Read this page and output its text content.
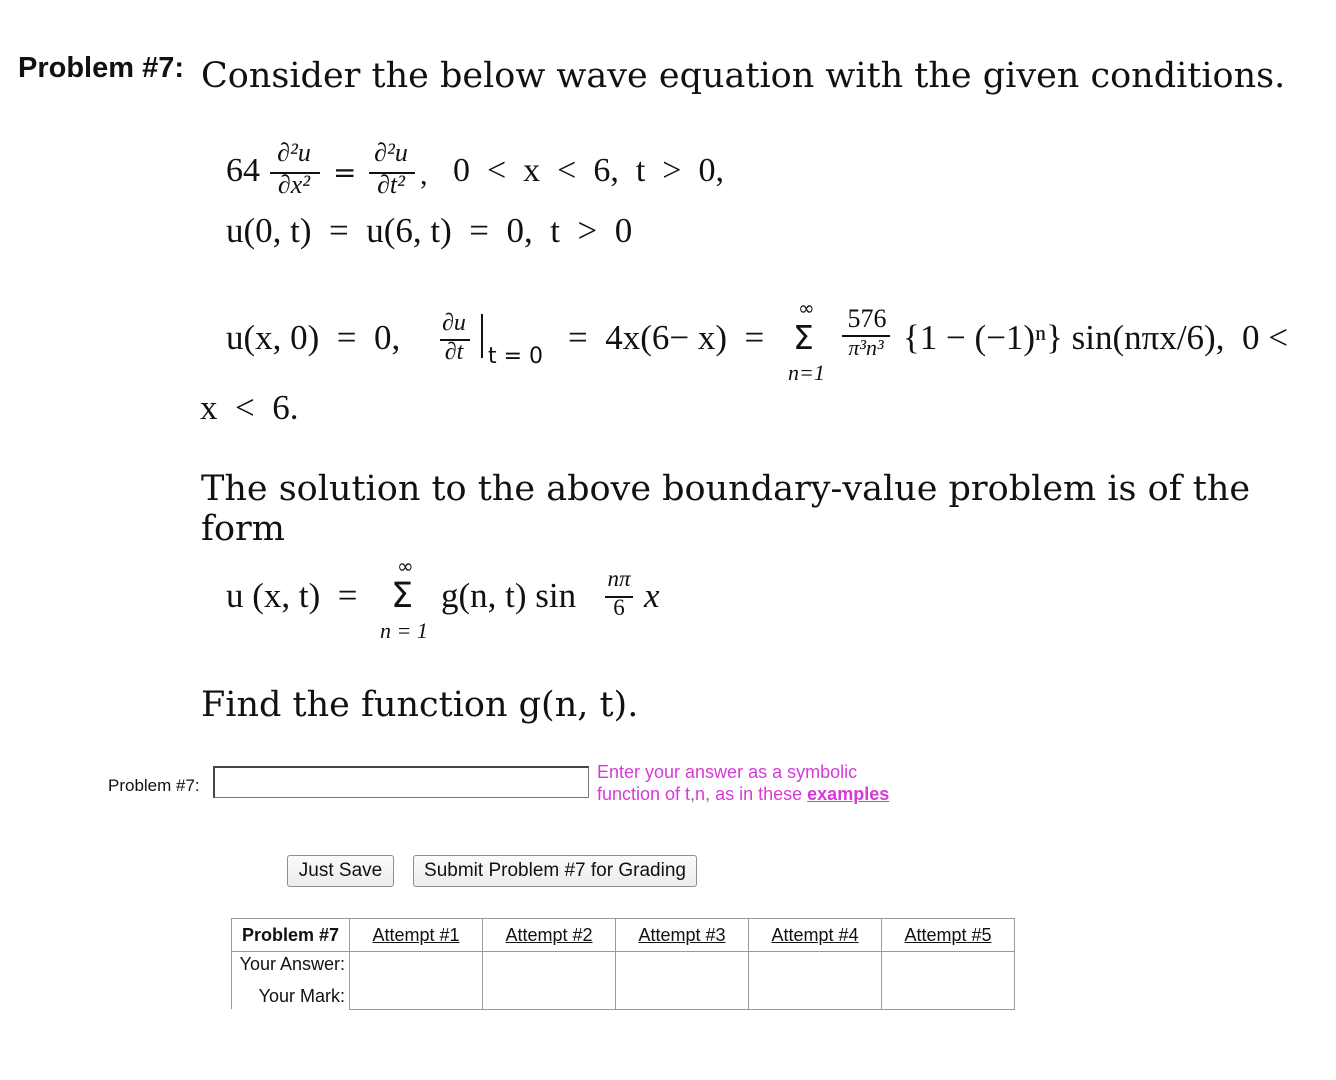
Problem #7: Consider the below wave equation with the given conditions.
64 ∂²u
∂x² =
∂²u
∂t² , 0  <  x  <  6,  t  >  0,
u(0, t)  =  u(6, t)  =  0,  t  >  0
u(x, 0)  =  0, ∂u
∂t	t = 0 =  4x(6− x)  =
∞
Σ
n=1
576
π³n³ {1 − (−1)ⁿ} sin(nπx/6),  0 <
x  <  6.
The solution to the above boundary-value problem is of the form
u (x, t)  =
∞
Σ
n = 1
g(n, t) sin nπ
6 x
Find the function g(n, t).
Problem #7:
Enter your answer as a symbolic
function of t,n, as in these examples
Just Save	Submit Problem #7 for Grading
Problem #7	Attempt #1	Attempt #2	Attempt #3	Attempt #4	Attempt #5

Your Answer:
Your Mark:					
